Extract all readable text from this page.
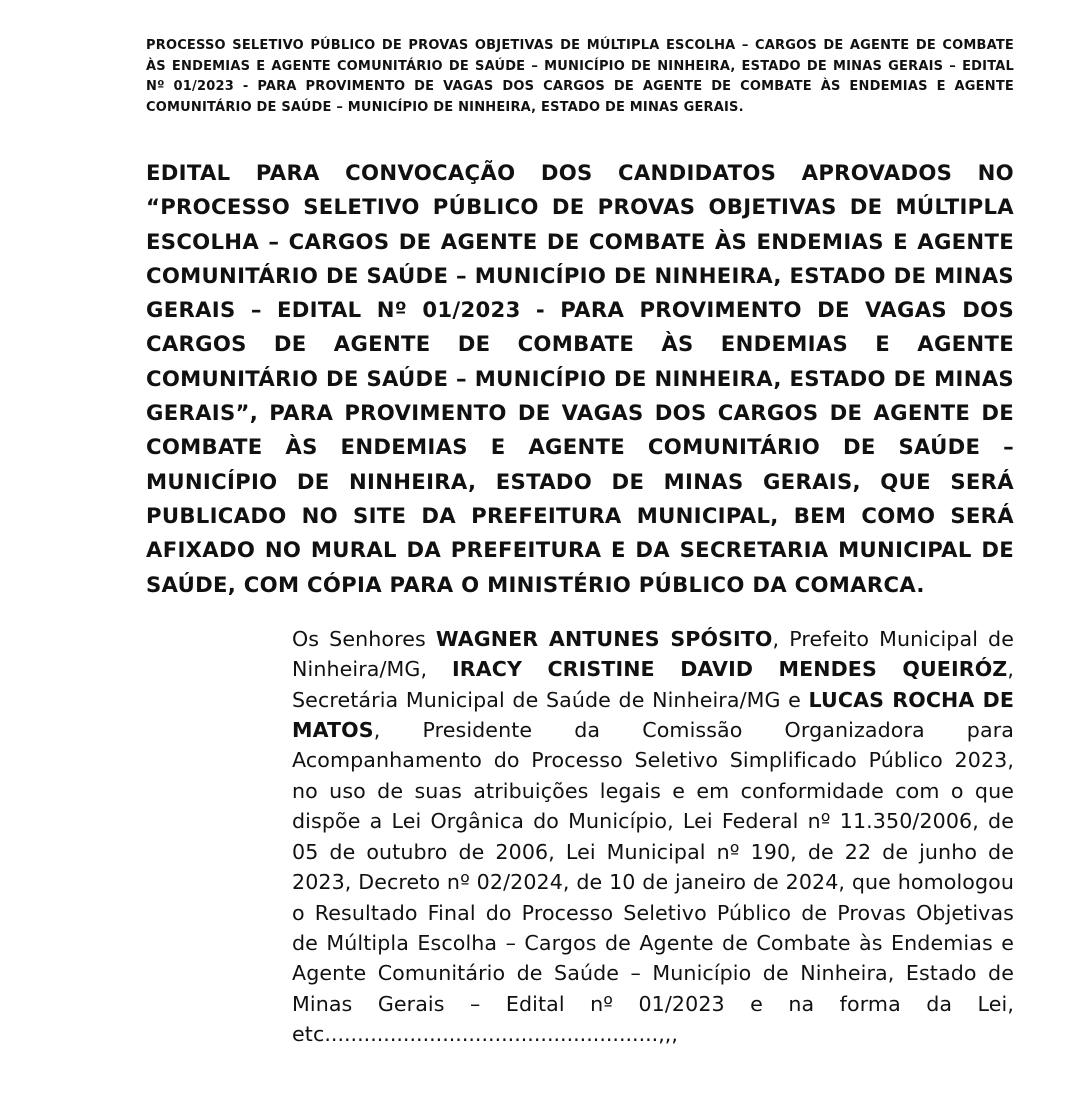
PROCESSO SELETIVO PÚBLICO DE PROVAS OBJETIVAS DE MÚLTIPLA ESCOLHA – CARGOS DE AGENTE DE COMBATE ÀS ENDEMIAS E AGENTE COMUNITÁRIO DE SAÚDE – MUNICÍPIO DE NINHEIRA, ESTADO DE MINAS GERAIS – EDITAL Nº 01/2023 - PARA PROVIMENTO DE VAGAS DOS CARGOS DE AGENTE DE COMBATE ÀS ENDEMIAS E AGENTE COMUNITÁRIO DE SAÚDE – MUNICÍPIO DE NINHEIRA, ESTADO DE MINAS GERAIS.
EDITAL PARA CONVOCAÇÃO DOS CANDIDATOS APROVADOS NO “PROCESSO SELETIVO PÚBLICO DE PROVAS OBJETIVAS DE MÚLTIPLA ESCOLHA – CARGOS DE AGENTE DE COMBATE ÀS ENDEMIAS E AGENTE COMUNITÁRIO DE SAÚDE – MUNICÍPIO DE NINHEIRA, ESTADO DE MINAS GERAIS – EDITAL Nº 01/2023 - PARA PROVIMENTO DE VAGAS DOS CARGOS DE AGENTE DE COMBATE ÀS ENDEMIAS E AGENTE COMUNITÁRIO DE SAÚDE – MUNICÍPIO DE NINHEIRA, ESTADO DE MINAS GERAIS”, PARA PROVIMENTO DE VAGAS DOS CARGOS DE AGENTE DE COMBATE ÀS ENDEMIAS E AGENTE COMUNITÁRIO DE SAÚDE – MUNICÍPIO DE NINHEIRA, ESTADO DE MINAS GERAIS, QUE SERÁ PUBLICADO NO SITE DA PREFEITURA MUNICIPAL, BEM COMO SERÁ AFIXADO NO MURAL DA PREFEITURA E DA SECRETARIA MUNICIPAL DE SAÚDE, COM CÓPIA PARA O MINISTÉRIO PÚBLICO DA COMARCA.
Os Senhores WAGNER ANTUNES SPÓSITO, Prefeito Municipal de Ninheira/MG, IRACY CRISTINE DAVID MENDES QUEIRÓZ, Secretária Municipal de Saúde de Ninheira/MG e LUCAS ROCHA DE MATOS, Presidente da Comissão Organizadora para Acompanhamento do Processo Seletivo Simplificado Público 2023, no uso de suas atribuições legais e em conformidade com o que dispõe a Lei Orgânica do Município, Lei Federal nº 11.350/2006, de 05 de outubro de 2006, Lei Municipal nº 190, de 22 de junho de 2023, Decreto nº 02/2024, de 10 de janeiro de 2024, que homologou o Resultado Final do Processo Seletivo Público de Provas Objetivas de Múltipla Escolha – Cargos de Agente de Combate às Endemias e Agente Comunitário de Saúde – Município de Ninheira, Estado de Minas Gerais – Edital nº 01/2023 e na forma da Lei, etc...................................................,,,
